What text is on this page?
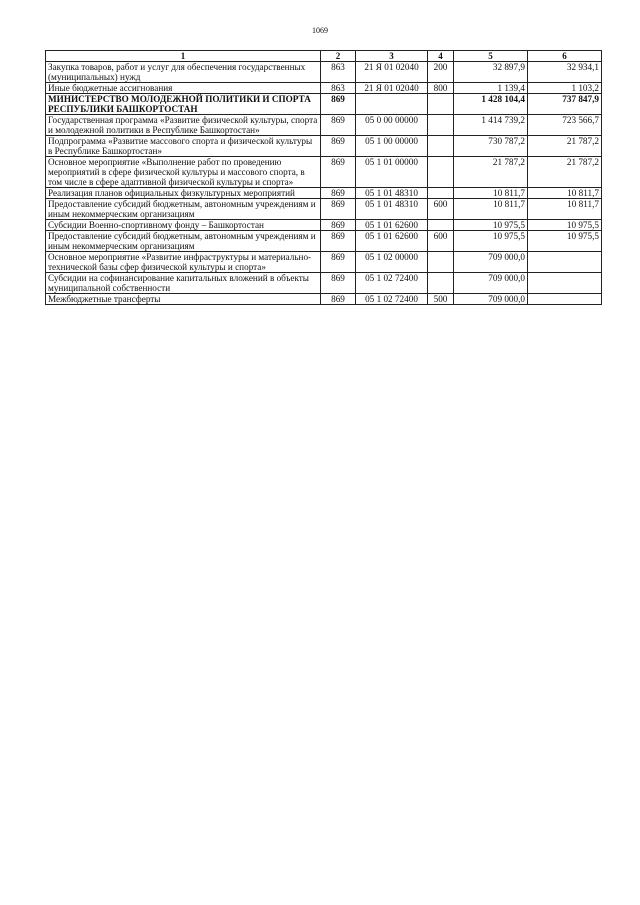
1069
1	2	3	4	5	6
Закупка товаров, работ и услуг для обеспечения государственных (муниципальных) нужд	863	21 Я 01 02040	200	32 897,9	32 934,1
Иные бюджетные ассигнования	863	21 Я 01 02040	800	1 139,4	1 103,2
МИНИСТЕРСТВО МОЛОДЕЖНОЙ ПОЛИТИКИ И СПОРТА РЕСПУБЛИКИ БАШКОРТОСТАН	869			1 428 104,4	737 847,9
Государственная программа «Развитие физической культуры, спорта и молодежной политики в Республике Башкортостан»	869	05 0 00 00000		1 414 739,2	723 566,7
Подпрограмма «Развитие массового спорта и физической культуры в Республике Башкортостан»	869	05 1 00 00000		730 787,2	21 787,2
Основное мероприятие «Выполнение работ по проведению мероприятий в сфере физической культуры и массового спорта, в том числе в сфере адаптивной физической культуры и спорта»	869	05 1 01 00000		21 787,2	21 787,2
Реализация планов официальных физкультурных мероприятий	869	05 1 01 48310		10 811,7	10 811,7
Предоставление субсидий бюджетным, автономным учреждениям и иным некоммерческим организациям	869	05 1 01 48310	600	10 811,7	10 811,7
Субсидии Военно-спортивному фонду – Башкортостан	869	05 1 01 62600		10 975,5	10 975,5
Предоставление субсидий бюджетным, автономным учреждениям и иным некоммерческим организациям	869	05 1 01 62600	600	10 975,5	10 975,5
Основное мероприятие «Развитие инфраструктуры и материально-технической базы сфер физической культуры и спорта»	869	05 1 02 00000		709 000,0	
Субсидии на софинансирование капитальных вложений в объекты муниципальной собственности	869	05 1 02 72400		709 000,0	
Межбюджетные трансферты	869	05 1 02 72400	500	709 000,0	
